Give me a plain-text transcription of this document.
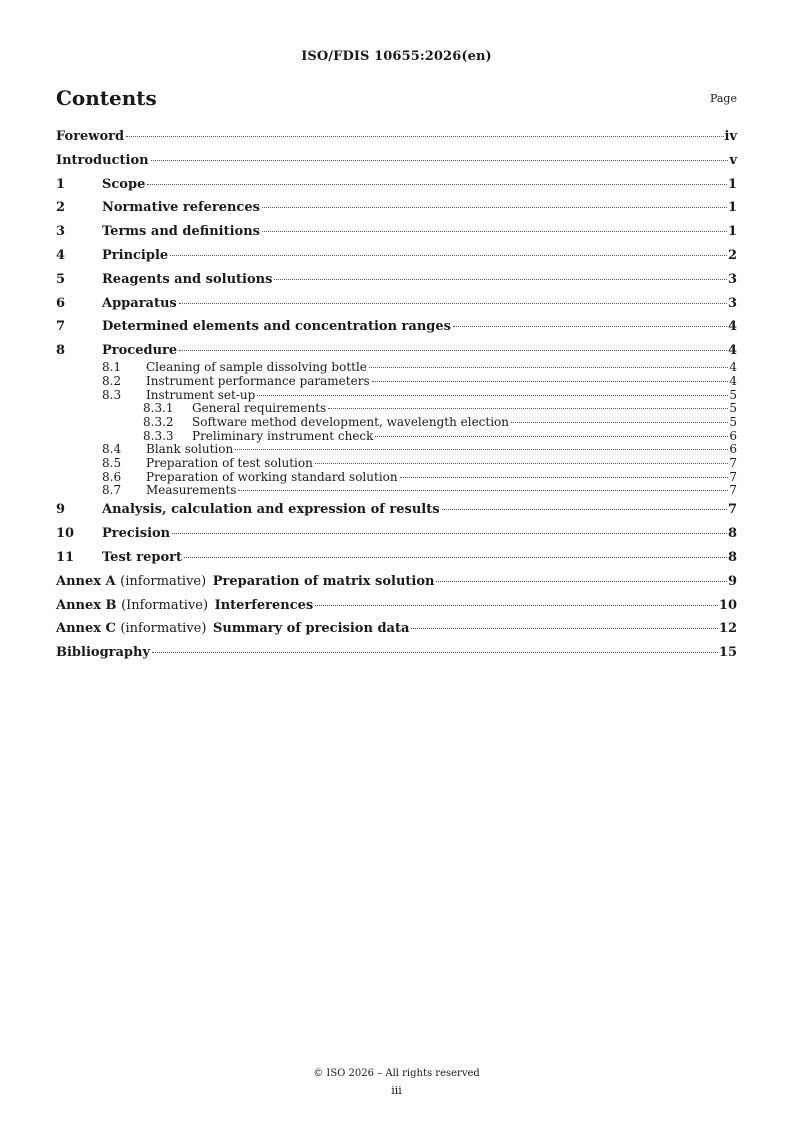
ISO/FDIS 10655:2026(en)
Contents	Page
Foreword	iv
Introduction	v
1	Scope	1
2	Normative references	1
3	Terms and definitions	1
4	Principle	2
5	Reagents and solutions	3
6	Apparatus	3
7	Determined elements and concentration ranges	4
8	Procedure	4
8.1	Cleaning of sample dissolving bottle	4
8.2	Instrument performance parameters	4
8.3	Instrument set-up	5
8.3.1	General requirements	5
8.3.2	Software method development, wavelength election	5
8.3.3	Preliminary instrument check	6
8.4	Blank solution	6
8.5	Preparation of test solution	7
8.6	Preparation of working standard solution	7
8.7	Measurements	7
9	Analysis, calculation and expression of results	7
10	Precision	8
11	Test report	8
Annex A (informative) Preparation of matrix solution	9
Annex B (Informative) Interferences	10
Annex C (informative) Summary of precision data	12
Bibliography	15
© ISO 2026 – All rights reserved
iii
